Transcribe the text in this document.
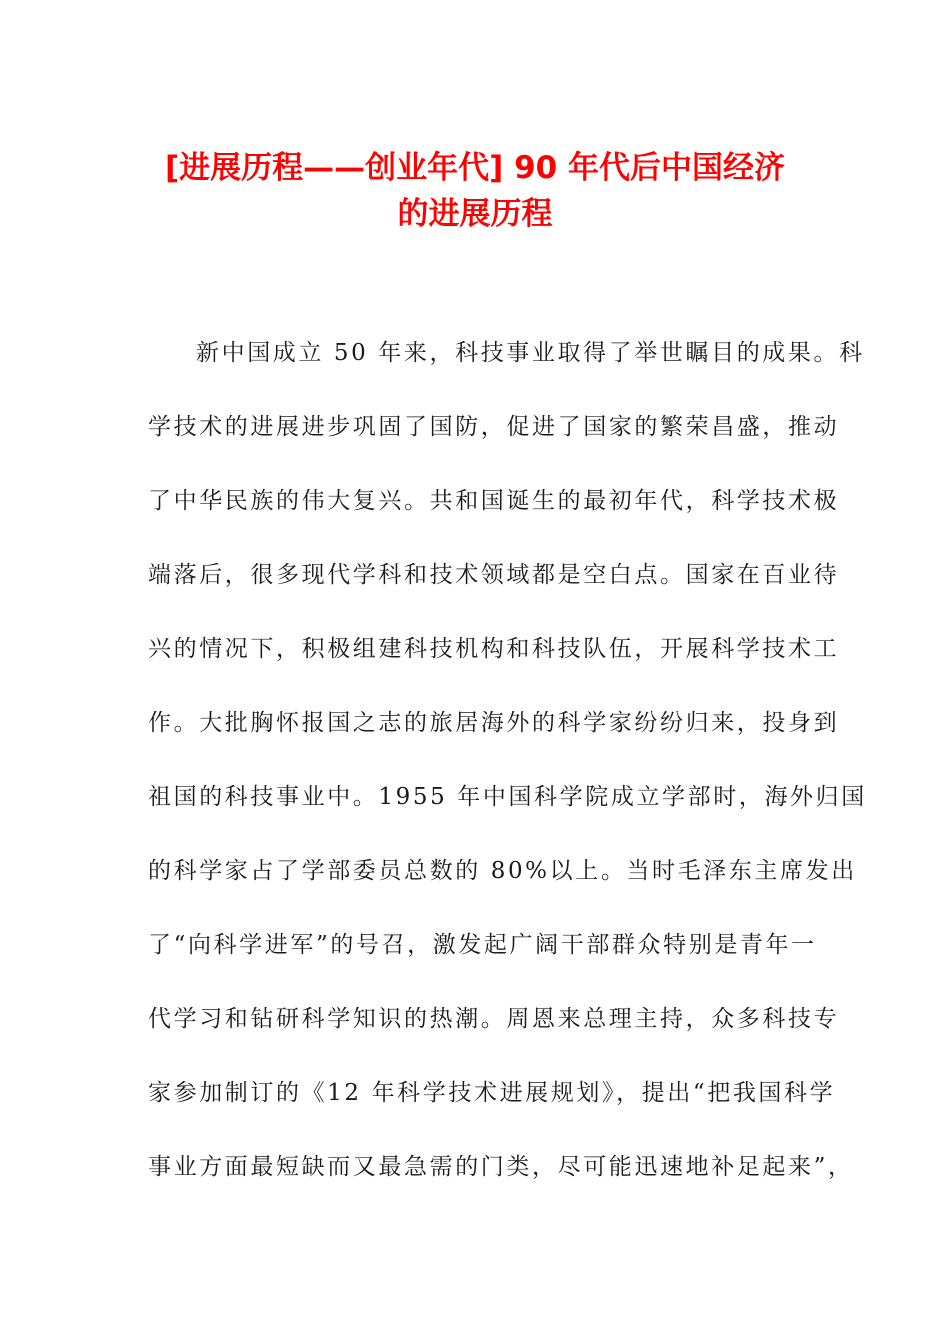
[进展历程——创业年代] 90 年代后中国经济
的进展历程
新中国成立 50 年来，科技事业取得了举世瞩目的成果。科
学技术的进展进步巩固了国防，促进了国家的繁荣昌盛，推动
了中华民族的伟大复兴。共和国诞生的最初年代，科学技术极
端落后，很多现代学科和技术领域都是空白点。国家在百业待
兴的情况下，积极组建科技机构和科技队伍，开展科学技术工
作。大批胸怀报国之志的旅居海外的科学家纷纷归来，投身到
祖国的科技事业中。1955 年中国科学院成立学部时，海外归国
的科学家占了学部委员总数的 80%以上。当时毛泽东主席发出
了“向科学进军”的号召，激发起广阔干部群众特别是青年一
代学习和钻研科学知识的热潮。周恩来总理主持，众多科技专
家参加制订的《12 年科学技术进展规划》，提出“把我国科学
事业方面最短缺而又最急需的门类，尽可能迅速地补足起来”，
